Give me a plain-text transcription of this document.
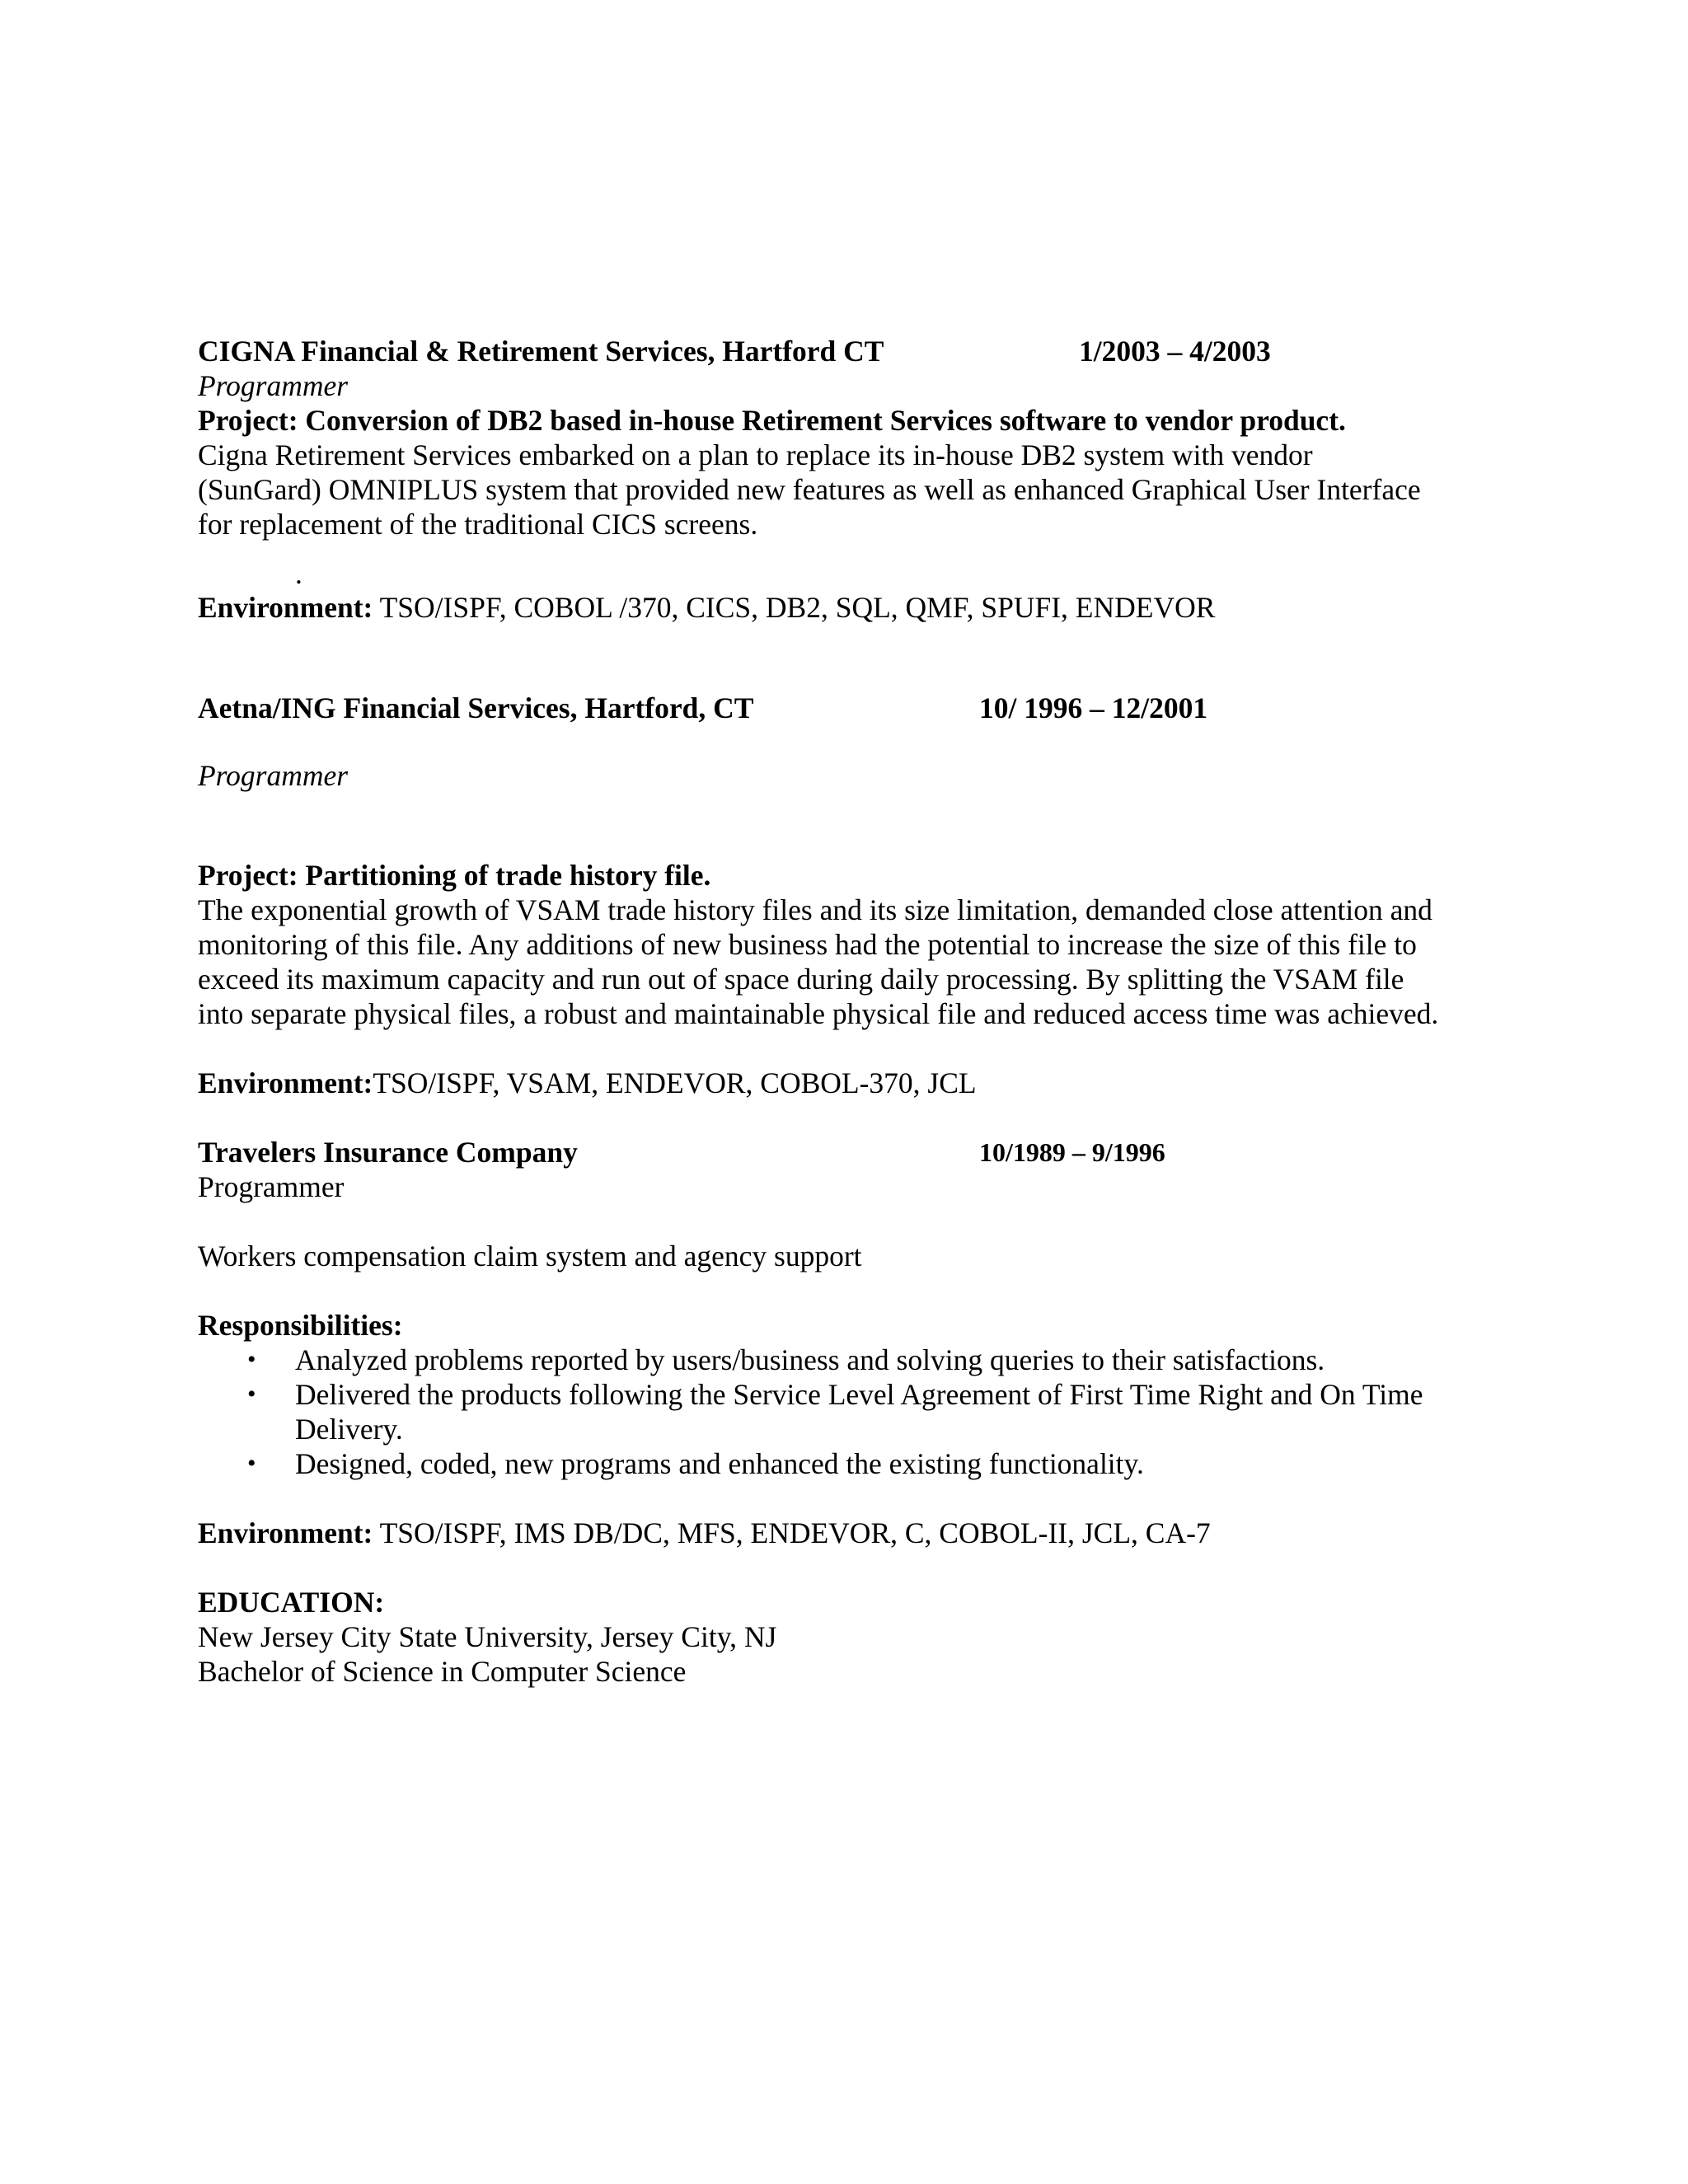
CIGNA Financial & Retirement Services, Hartford CT	1/2003 – 4/2003
Programmer
Project: Conversion of DB2 based in-house Retirement Services software to vendor product.
Cigna Retirement Services embarked on a plan to replace its in-house DB2 system with vendor
(SunGard) OMNIPLUS system that provided new features as well as enhanced Graphical User Interface
for replacement of the traditional CICS screens.
.
Environment: TSO/ISPF, COBOL /370, CICS, DB2, SQL, QMF, SPUFI, ENDEVOR
Aetna/ING Financial Services, Hartford, CT	10/ 1996 – 12/2001
Programmer
Project: Partitioning of trade history file.
The exponential growth of VSAM trade history files and its size limitation, demanded close attention and
monitoring of this file. Any additions of new business had the potential to increase the size of this file to
exceed its maximum capacity and run out of space during daily processing. By splitting the VSAM file
into separate physical files, a robust and maintainable physical file and reduced access time was achieved.
Environment:TSO/ISPF, VSAM, ENDEVOR, COBOL-370, JCL
Travelers Insurance Company	10/1989 – 9/1996
Programmer
Workers compensation claim system and agency support
Responsibilities:
• Analyzed problems reported by users/business and solving queries to their satisfactions.
• Delivered the products following the Service Level Agreement of First Time Right and On Time
Delivery.
• Designed, coded, new programs and enhanced the existing functionality.
Environment: TSO/ISPF, IMS DB/DC, MFS, ENDEVOR, C, COBOL-II, JCL, CA-7
EDUCATION:
New Jersey City State University, Jersey City, NJ
Bachelor of Science in Computer Science
